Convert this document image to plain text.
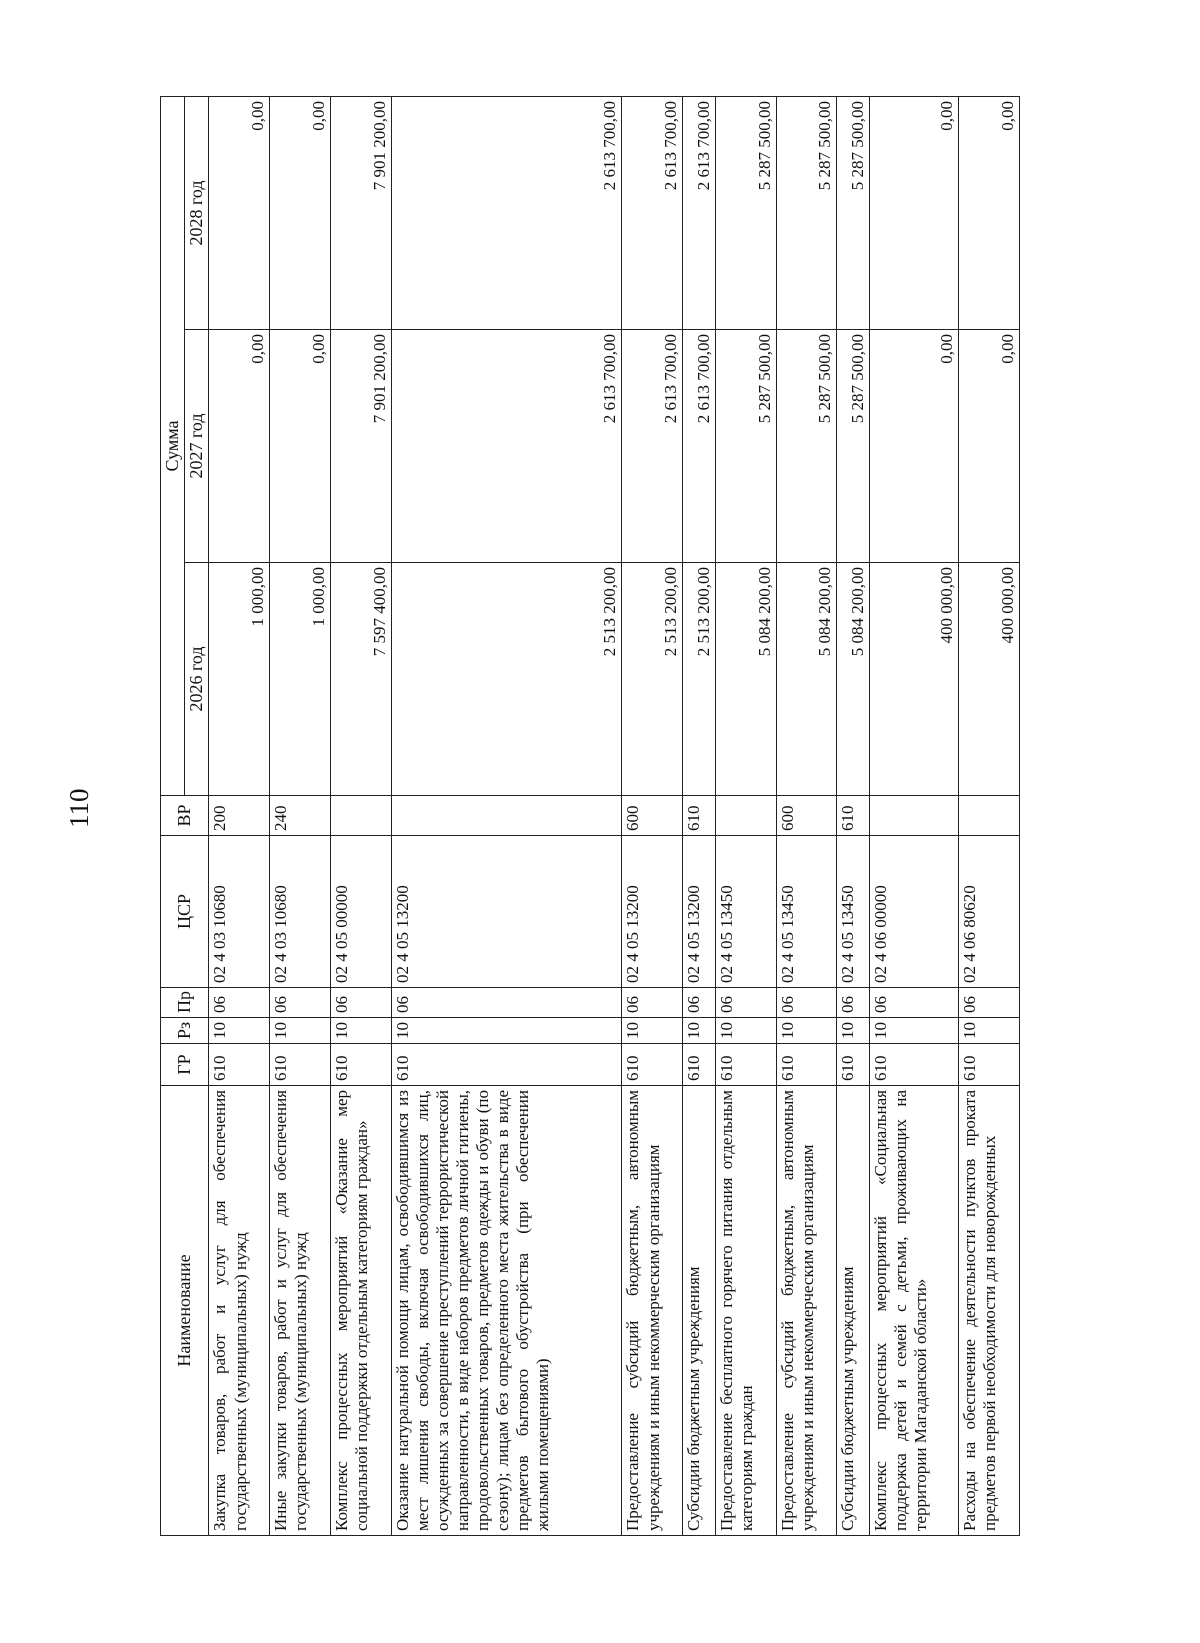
110
Наименование	ГР	Рз	Пр	ЦСР	ВР	Сумма		
						2026 год	2027 год	2028 год
Закупка товаров, работ и услуг для обеспечения государственных (муниципальных) нужд	610	10	06	02 4 03 10680	200	1 000,00	0,00	0,00
Иные закупки товаров, работ и услуг для обеспечения государственных (муниципальных) нужд	610	10	06	02 4 03 10680	240	1 000,00	0,00	0,00
Комплекс процессных мероприятий «Оказание мер социальной поддержки отдельным категориям граждан»	610	10	06	02 4 05 00000		7 597 400,00	7 901 200,00	7 901 200,00
Оказание натуральной помощи лицам, освободившимся из мест лишения свободы, включая освободившихся лиц, осужденных за совершение преступлений террористической направленности, в виде наборов предметов личной гигиены, продовольственных товаров, предметов одежды и обуви (по сезону); лицам без определенного места жительства в виде предметов бытового обустройства (при обеспечении жилыми помещениями)	610	10	06	02 4 05 13200		2 513 200,00	2 613 700,00	2 613 700,00
Предоставление субсидий бюджетным, автономным учреждениям и иным некоммерческим организациям	610	10	06	02 4 05 13200	600	2 513 200,00	2 613 700,00	2 613 700,00
Субсидии бюджетным учреждениям	610	10	06	02 4 05 13200	610	2 513 200,00	2 613 700,00	2 613 700,00
Предоставление бесплатного горячего питания отдельным категориям граждан	610	10	06	02 4 05 13450		5 084 200,00	5 287 500,00	5 287 500,00
Предоставление субсидий бюджетным, автономным учреждениям и иным некоммерческим организациям	610	10	06	02 4 05 13450	600	5 084 200,00	5 287 500,00	5 287 500,00
Субсидии бюджетным учреждениям	610	10	06	02 4 05 13450	610	5 084 200,00	5 287 500,00	5 287 500,00
Комплекс процессных мероприятий «Социальная поддержка детей и семей с детьми, проживающих на территории Магаданской области»	610	10	06	02 4 06 00000		400 000,00	0,00	0,00
Расходы на обеспечение деятельности пунктов проката предметов первой необходимости для новорожденных	610	10	06	02 4 06 80620		400 000,00	0,00	0,00
